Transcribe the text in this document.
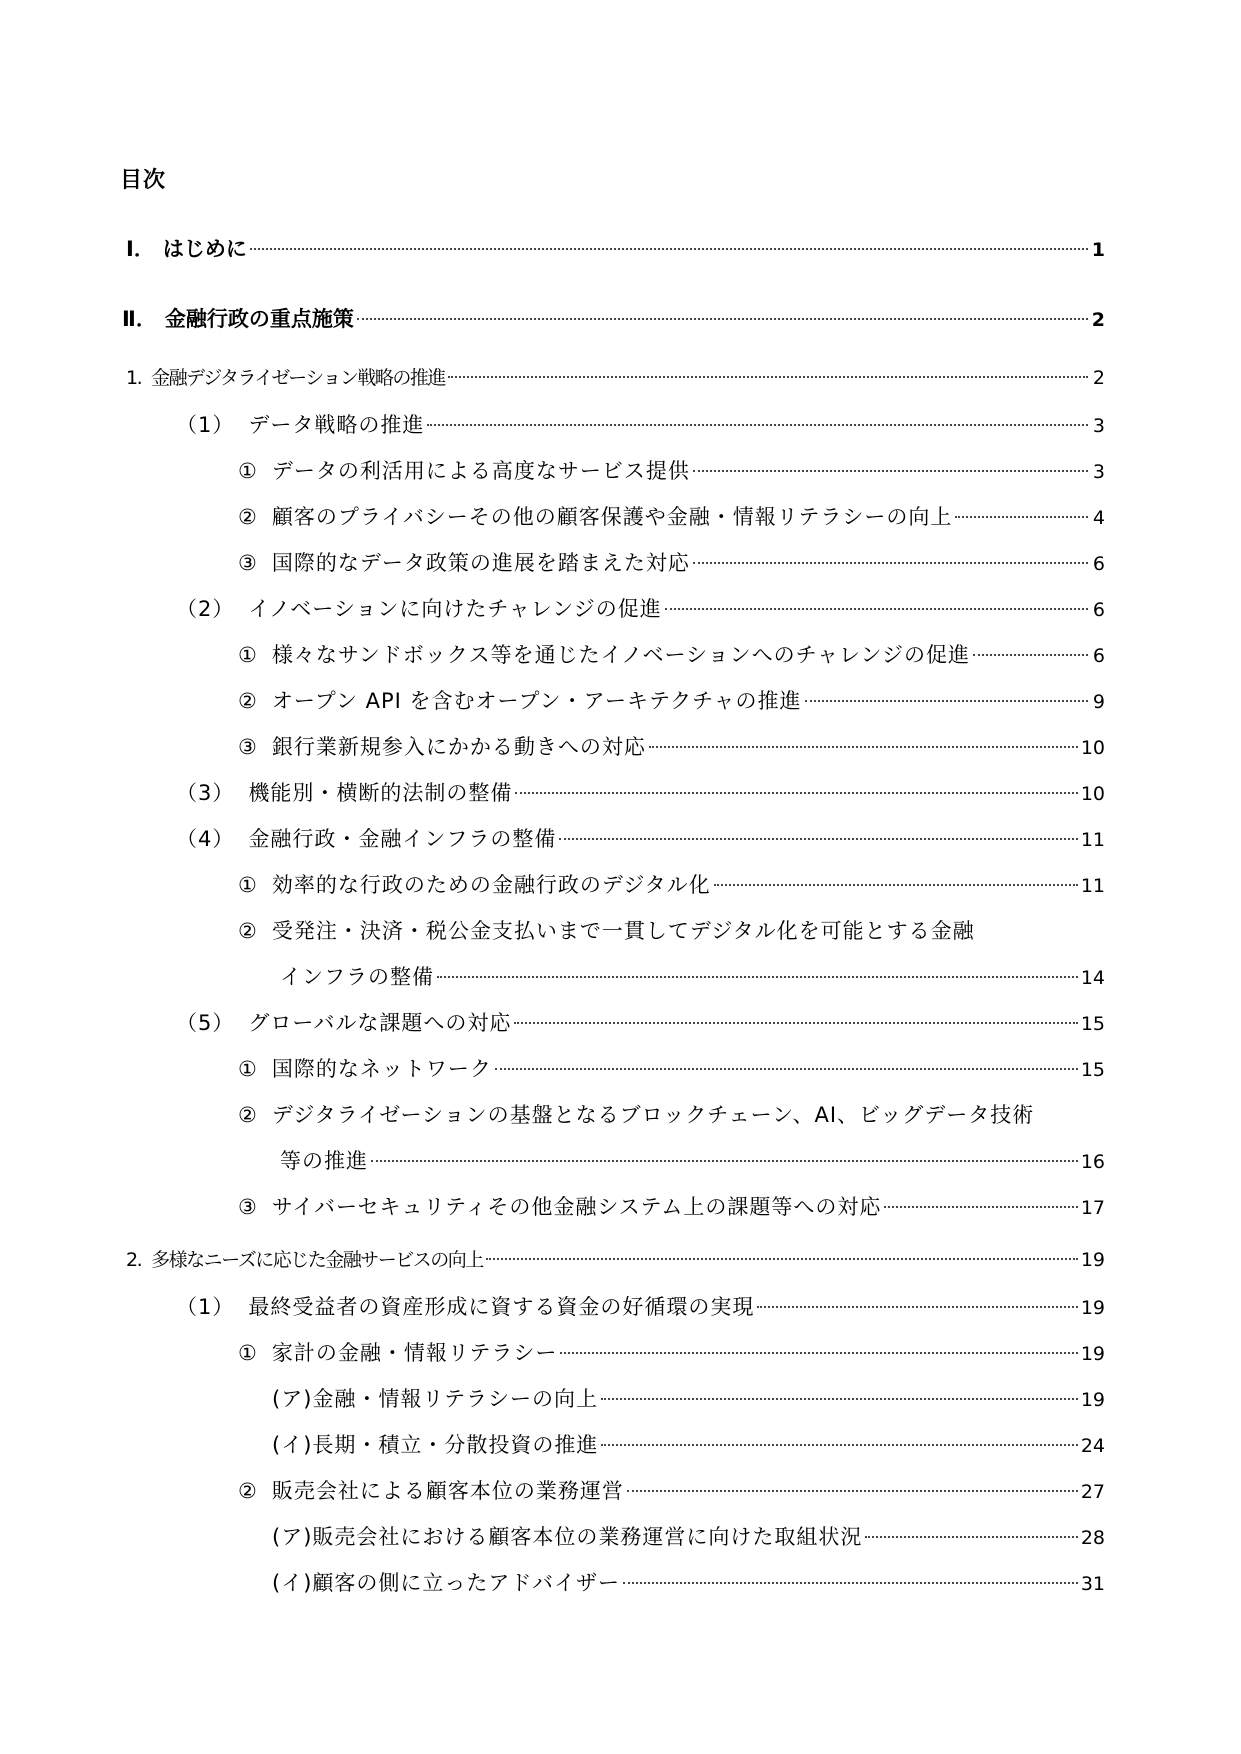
目次
Ⅰ． はじめに	1
Ⅱ． 金融行政の重点施策	2
1. 金融デジタライゼーション戦略の推進	2
（1） データ戦略の推進	3
① データの利活用による高度なサービス提供	3
② 顧客のプライバシーその他の顧客保護や金融・情報リテラシーの向上	4
③ 国際的なデータ政策の進展を踏まえた対応	6
（2） イノベーションに向けたチャレンジの促進	6
① 様々なサンドボックス等を通じたイノベーションへのチャレンジの促進	6
② オープン API を含むオープン・アーキテクチャの推進	9
③ 銀行業新規参入にかかる動きへの対応	10
（3） 機能別・横断的法制の整備	10
（4） 金融行政・金融インフラの整備	11
① 効率的な行政のための金融行政のデジタル化	11
② 受発注・決済・税公金支払いまで一貫してデジタル化を可能とする金融
インフラの整備	14
（5） グローバルな課題への対応	15
① 国際的なネットワーク	15
② デジタライゼーションの基盤となるブロックチェーン、AI、ビッグデータ技術
等の推進	16
③ サイバーセキュリティその他金融システム上の課題等への対応	17
2. 多様なニーズに応じた金融サービスの向上	19
（1） 最終受益者の資産形成に資する資金の好循環の実現	19
① 家計の金融・情報リテラシー	19
(ア) 金融・情報リテラシーの向上	19
(イ) 長期・積立・分散投資の推進	24
② 販売会社による顧客本位の業務運営	27
(ア) 販売会社における顧客本位の業務運営に向けた取組状況	28
(イ) 顧客の側に立ったアドバイザー	31
